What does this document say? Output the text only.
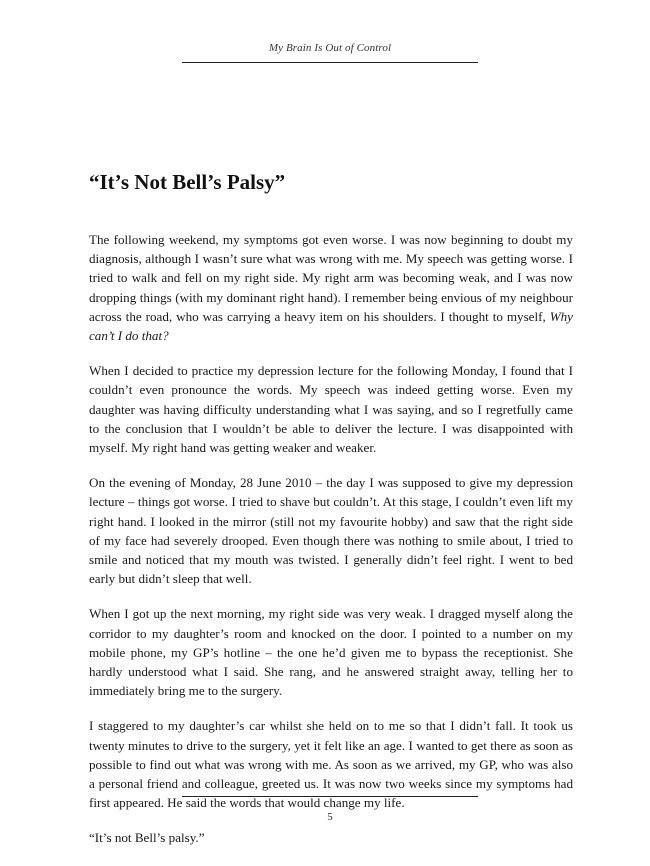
My Brain Is Out of Control
“It’s Not Bell’s Palsy”

The following weekend, my symptoms got even worse. I was now beginning to doubt my diagnosis, although I wasn’t sure what was wrong with me. My speech was getting worse. I tried to walk and fell on my right side. My right arm was becoming weak, and I was now dropping things (with my dominant right hand). I remember being envious of my neighbour across the road, who was carrying a heavy item on his shoulders. I thought to myself, Why can’t I do that?

When I decided to practice my depression lecture for the following Monday, I found that I couldn’t even pronounce the words. My speech was indeed getting worse. Even my daughter was having difficulty understanding what I was saying, and so I regretfully came to the conclusion that I wouldn’t be able to deliver the lecture. I was disappointed with myself. My right hand was getting weaker and weaker.

On the evening of Monday, 28 June 2010 – the day I was supposed to give my depression lecture – things got worse. I tried to shave but couldn’t. At this stage, I couldn’t even lift my right hand. I looked in the mirror (still not my favourite hobby) and saw that the right side of my face had severely drooped. Even though there was nothing to smile about, I tried to smile and noticed that my mouth was twisted. I generally didn’t feel right. I went to bed early but didn’t sleep that well.

When I got up the next morning, my right side was very weak. I dragged myself along the corridor to my daughter’s room and knocked on the door. I pointed to a number on my mobile phone, my GP’s hotline – the one he’d given me to bypass the receptionist. She hardly understood what I said. She rang, and he answered straight away, telling her to immediately bring me to the surgery.

I staggered to my daughter’s car whilst she held on to me so that I didn’t fall. It took us twenty minutes to drive to the surgery, yet it felt like an age. I wanted to get there as soon as possible to find out what was wrong with me. As soon as we arrived, my GP, who was also a personal friend and colleague, greeted us. It was now two weeks since my symptoms had first appeared. He said the words that would change my life.

“It’s not Bell’s palsy.”

5
